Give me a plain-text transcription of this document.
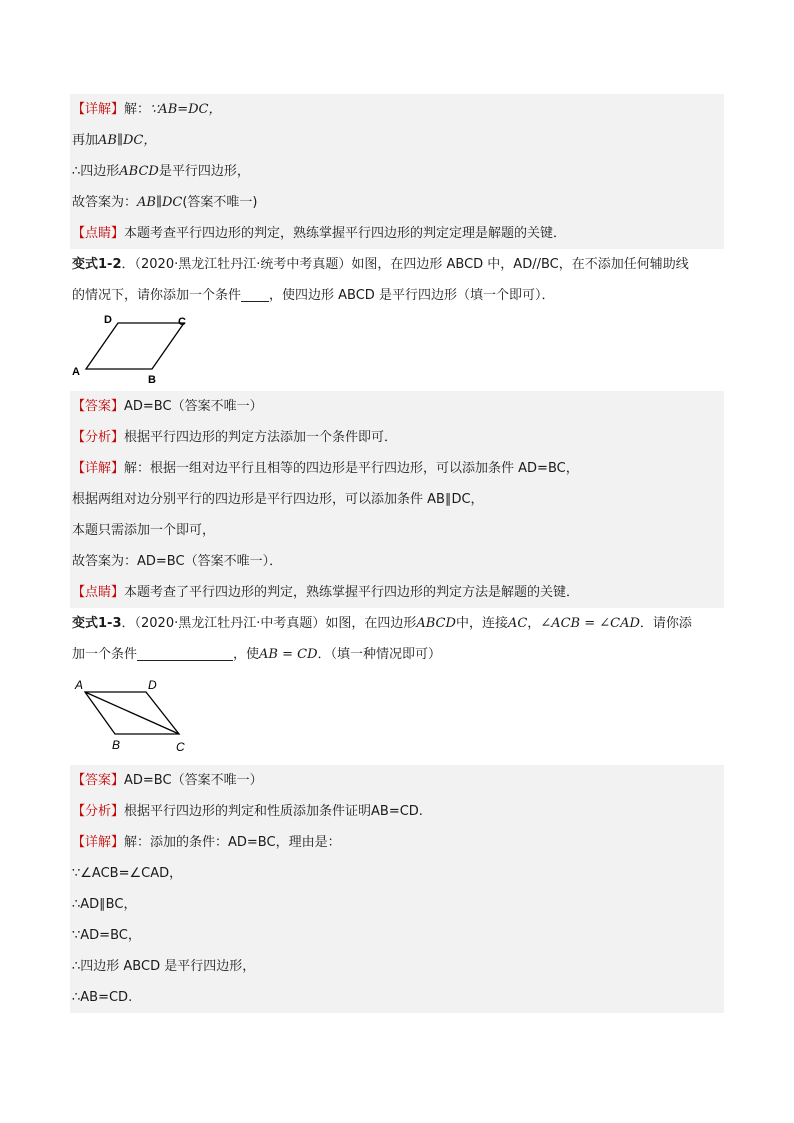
【详解】解：∵AB=DC，
再加AB∥DC，
∴四边形ABCD是平行四边形，
故答案为：AB∥DC(答案不唯一)
【点睛】本题考查平行四边形的判定，熟练掌握平行四边形的判定定理是解题的关键．
变式1-2．（2020·黑龙江牡丹江·统考中考真题）如图，在四边形 ABCD 中，AD//BC，在不添加任何辅助线
的情况下，请你添加一个条件 ，使四边形 ABCD 是平行四边形（填一个即可）．
D	C
A
B
【答案】AD=BC（答案不唯一）
【分析】根据平行四边形的判定方法添加一个条件即可．
【详解】解：根据一组对边平行且相等的四边形是平行四边形，可以添加条件 AD=BC，
根据两组对边分别平行的四边形是平行四边形，可以添加条件 AB∥DC，
本题只需添加一个即可，
故答案为：AD=BC（答案不唯一）．
【点睛】本题考查了平行四边形的判定，熟练掌握平行四边形的判定方法是解题的关键．
变式1-3．（2020·黑龙江牡丹江·中考真题）如图，在四边形ABCD中，连接AC，∠ACB = ∠CAD．请你添
加一个条件	，使AB = CD．（填一种情况即可）
A	D
B	C
【答案】AD=BC（答案不唯一）
【分析】根据平行四边形的判定和性质添加条件证明AB=CD.
【详解】解：添加的条件：AD=BC，理由是：
∵∠ACB=∠CAD，
∴AD∥BC，
∵AD=BC，
∴四边形 ABCD 是平行四边形，
∴AB=CD.
